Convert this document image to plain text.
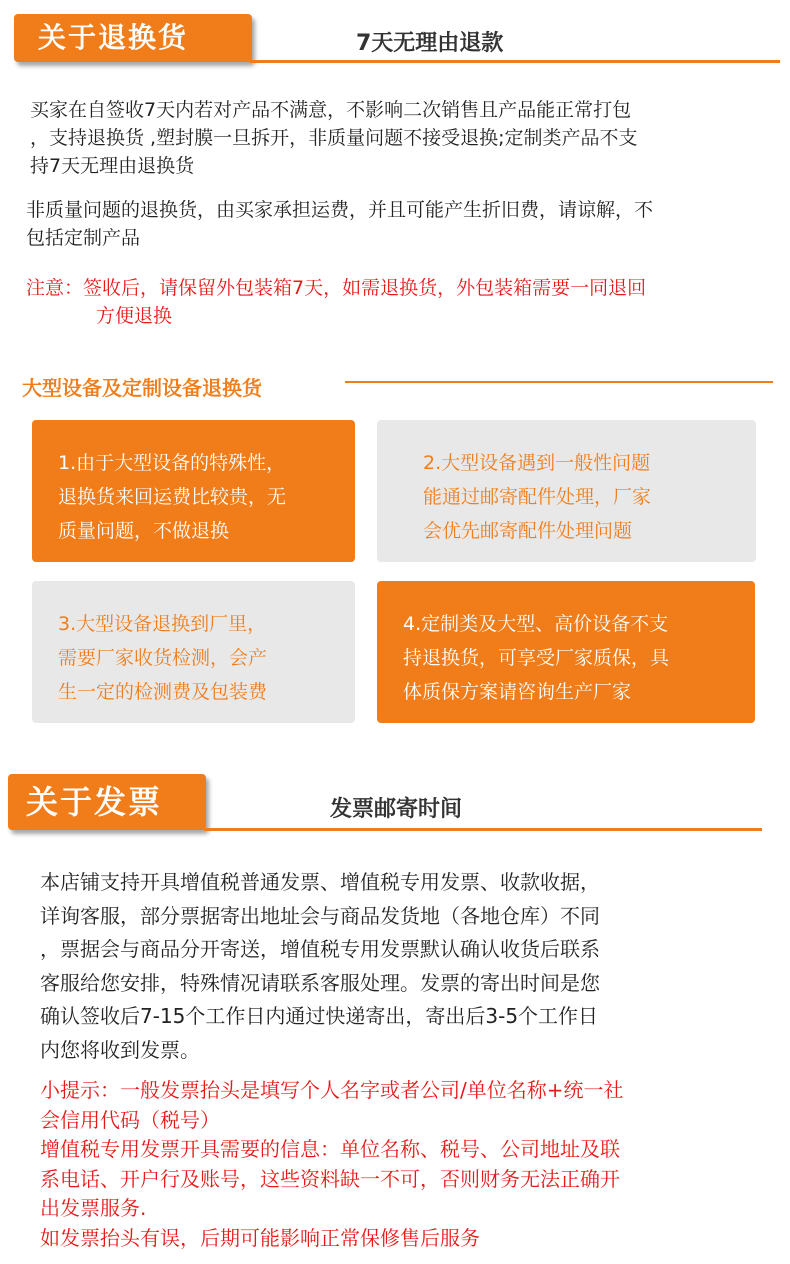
关于退换货	7天无理由退款

买家在自签收7天内若对产品不满意，不影响二次销售且产品能正常打包
，支持退换货 ,塑封膜一旦拆开，非质量问题不接受退换;定制类产品不支
持7天无理由退换货

非质量问题的退换货，由买家承担运费，并且可能产生折旧费，请谅解，不
包括定制产品

注意：签收后，请保留外包装箱7天，如需退换货，外包装箱需要一同退回

方便退换

大型设备及定制设备退换货
1.由于大型设备的特殊性，
退换货来回运费比较贵，无
质量问题，不做退换
2.大型设备遇到一般性问题
能通过邮寄配件处理，厂家
会优先邮寄配件处理问题
3.大型设备退换到厂里，
需要厂家收货检测，会产
生一定的检测费及包装费
4.定制类及大型、高价设备不支
持退换货，可享受厂家质保，具
体质保方案请咨询生产厂家
关于发票	发票邮寄时间

本店铺支持开具增值税普通发票、增值税专用发票、收款收据，
详询客服，部分票据寄出地址会与商品发货地（各地仓库）不同
，票据会与商品分开寄送，增值税专用发票默认确认收货后联系
客服给您安排，特殊情况请联系客服处理。发票的寄出时间是您
确认签收后7-15个工作日内通过快递寄出，寄出后3-5个工作日
内您将收到发票。

小提示：一般发票抬头是填写个人名字或者公司/单位名称+统一社
会信用代码（税号）
增值税专用发票开具需要的信息：单位名称、税号、公司地址及联
系电话、开户行及账号，这些资料缺一不可，否则财务无法正确开
出发票服务.
如发票抬头有误，后期可能影响正常保修售后服务
